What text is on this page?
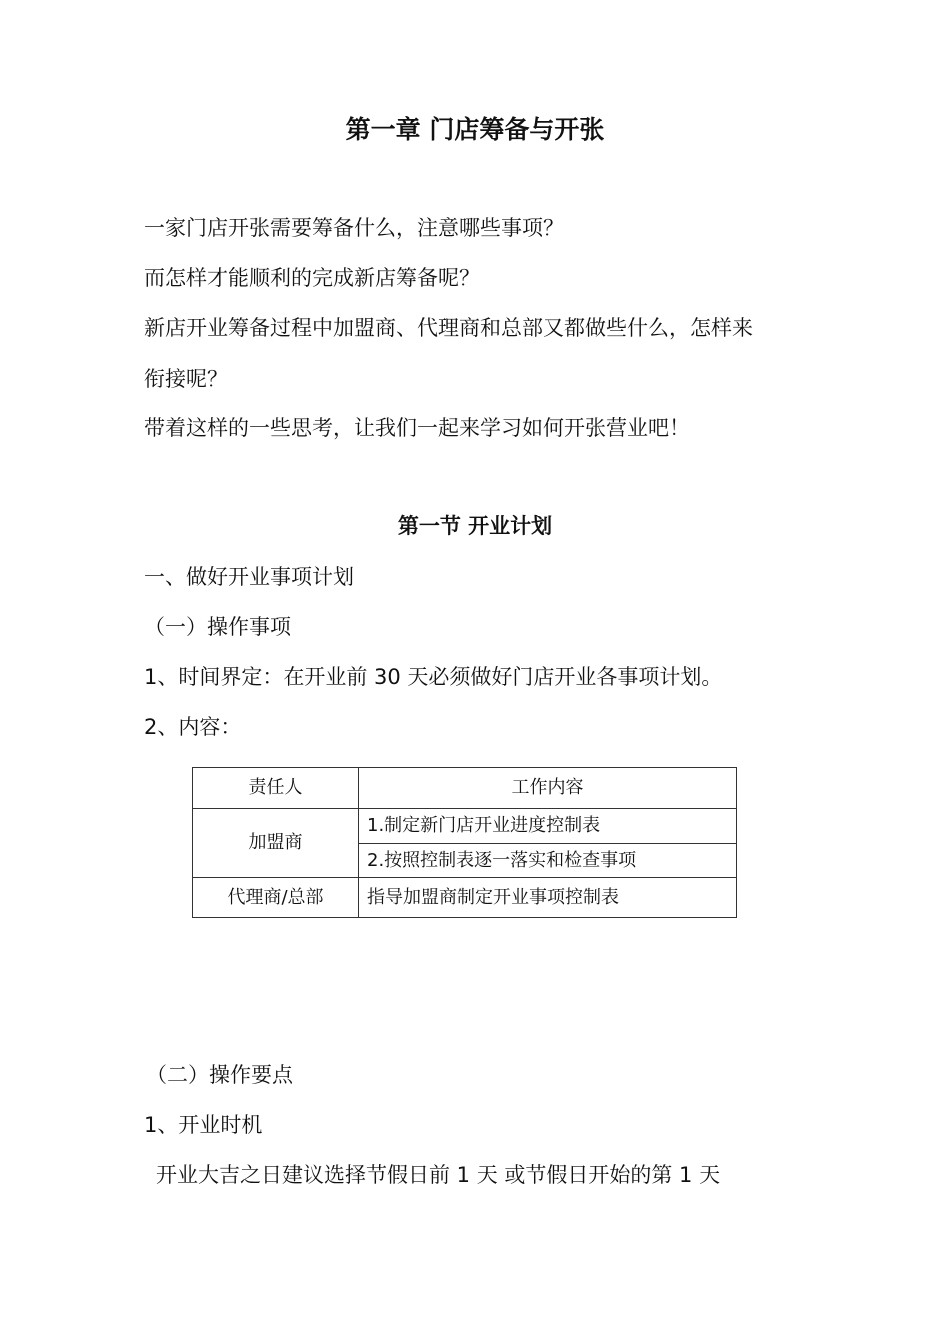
第一章 门店筹备与开张
一家门店开张需要筹备什么，注意哪些事项？
而怎样才能顺利的完成新店筹备呢？
新店开业筹备过程中加盟商、代理商和总部又都做些什么，怎样来
衔接呢？
带着这样的一些思考，让我们一起来学习如何开张营业吧！
第一节 开业计划
一、做好开业事项计划
（一）操作事项
1、时间界定：在开业前 30 天必须做好门店开业各事项计划。
2、内容：
责任人	工作内容
加盟商	1.制定新门店开业进度控制表
	2.按照控制表逐一落实和检查事项
代理商/总部	指导加盟商制定开业事项控制表
（二）操作要点
1、开业时机
开业大吉之日建议选择节假日前 1 天 或节假日开始的第 1 天
